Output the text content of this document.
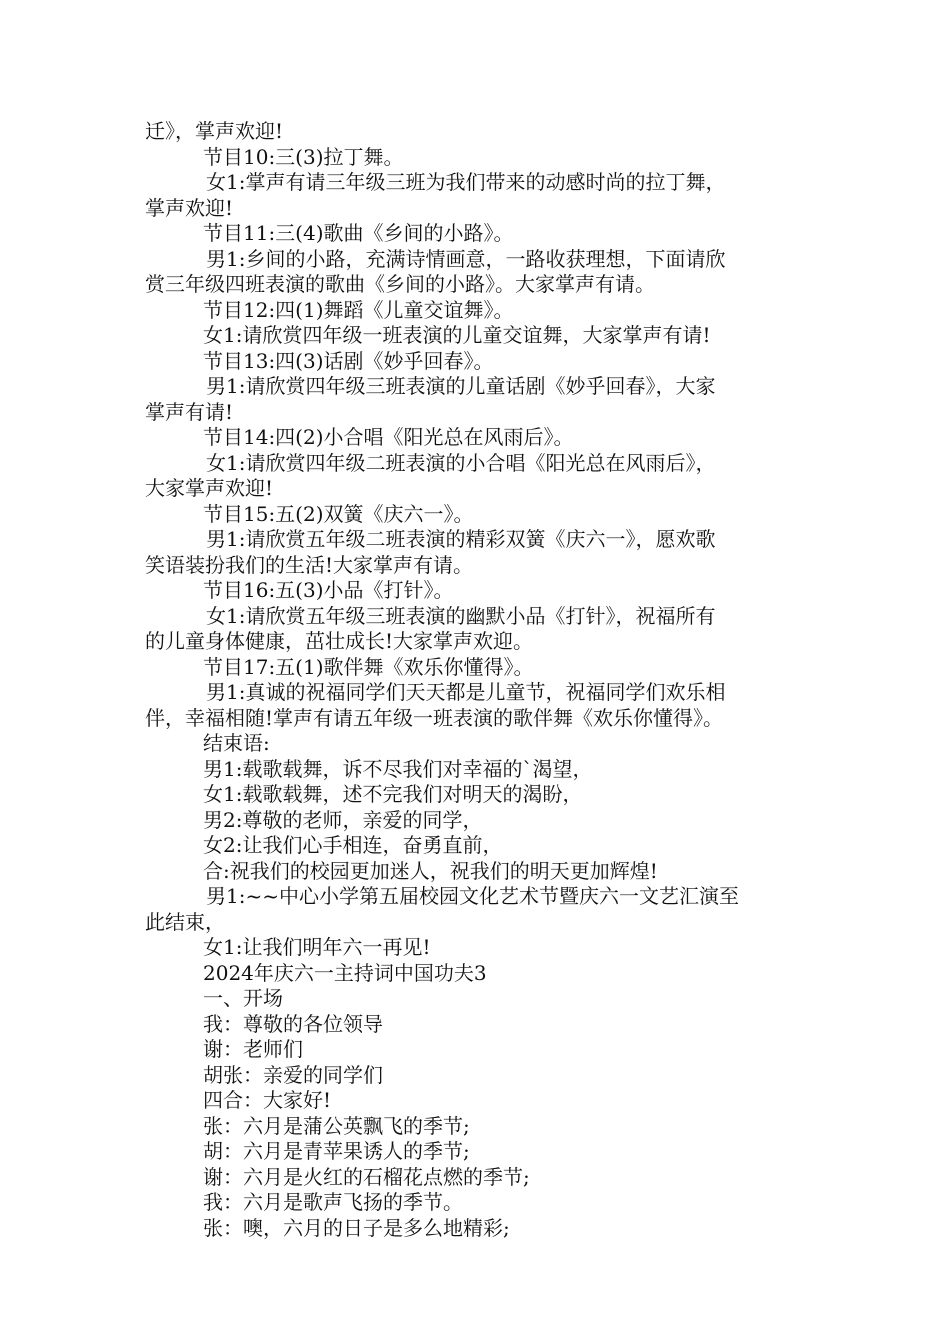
迁》，掌声欢迎!
节目10:三(3)拉丁舞。
女1:掌声有请三年级三班为我们带来的动感时尚的拉丁舞，
掌声欢迎!
节目11:三(4)歌曲《乡间的小路》。
男1:乡间的小路，充满诗情画意，一路收获理想，下面请欣
赏三年级四班表演的歌曲《乡间的小路》。大家掌声有请。
节目12:四(1)舞蹈《儿童交谊舞》。
女1:请欣赏四年级一班表演的儿童交谊舞，大家掌声有请!
节目13:四(3)话剧《妙乎回春》。
男1:请欣赏四年级三班表演的儿童话剧《妙乎回春》，大家
掌声有请!
节目14:四(2)小合唱《阳光总在风雨后》。
女1:请欣赏四年级二班表演的小合唱《阳光总在风雨后》，
大家掌声欢迎!
节目15:五(2)双簧《庆六一》。
男1:请欣赏五年级二班表演的精彩双簧《庆六一》，愿欢歌
笑语装扮我们的生活!大家掌声有请。
节目16:五(3)小品《打针》。
女1:请欣赏五年级三班表演的幽默小品《打针》，祝福所有
的儿童身体健康，茁壮成长!大家掌声欢迎。
节目17:五(1)歌伴舞《欢乐你懂得》。
男1:真诚的祝福同学们天天都是儿童节，祝福同学们欢乐相
伴，幸福相随!掌声有请五年级一班表演的歌伴舞《欢乐你懂得》。
结束语:
男1:载歌载舞，诉不尽我们对幸福的`渴望，
女1:载歌载舞，述不完我们对明天的渴盼，
男2:尊敬的老师，亲爱的同学，
女2:让我们心手相连，奋勇直前，
合:祝我们的校园更加迷人，祝我们的明天更加辉煌!
男1:~~中心小学第五届校园文化艺术节暨庆六一文艺汇演至
此结束，
女1:让我们明年六一再见!
2024年庆六一主持词中国功夫3
一、开场
我：尊敬的各位领导
谢：老师们
胡张：亲爱的同学们
四合：大家好!
张：六月是蒲公英飘飞的季节;
胡：六月是青苹果诱人的季节;
谢：六月是火红的石榴花点燃的季节;
我：六月是歌声飞扬的季节。
张：噢，六月的日子是多么地精彩;
